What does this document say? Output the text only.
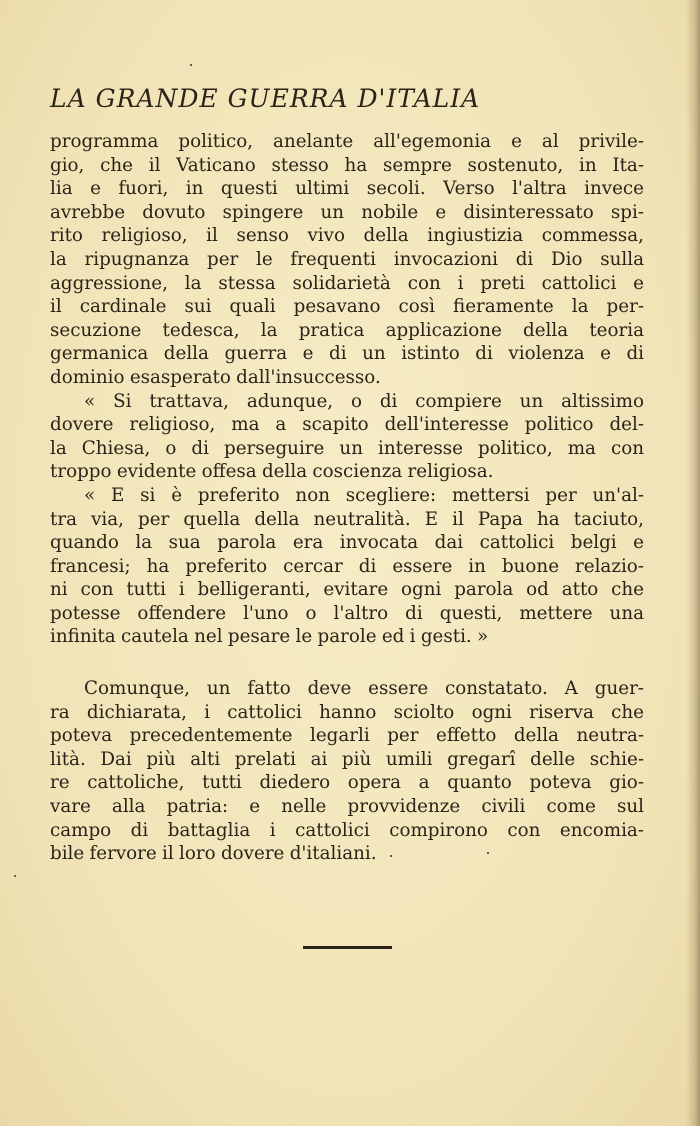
LA GRANDE GUERRA D'ITALIA
programma politico, anelante all'egemonia e al privile-
gio, che il Vaticano stesso ha sempre sostenuto, in Ita-
lia e fuori, in questi ultimi secoli. Verso l'altra invece
avrebbe dovuto spingere un nobile e disinteressato spi-
rito religioso, il senso vivo della ingiustizia commessa,
la ripugnanza per le frequenti invocazioni di Dio sulla
aggressione, la stessa solidarietà con i preti cattolici e
il cardinale sui quali pesavano così fieramente la per-
secuzione tedesca, la pratica applicazione della teoria
germanica della guerra e di un istinto di violenza e di
dominio esasperato dall'insuccesso.
« Si trattava, adunque, o di compiere un altissimo
dovere religioso, ma a scapito dell'interesse politico del-
la Chiesa, o di perseguire un interesse politico, ma con
troppo evidente offesa della coscienza religiosa.
« E si è preferito non scegliere: mettersi per un'al-
tra via, per quella della neutralità. E il Papa ha taciuto,
quando la sua parola era invocata dai cattolici belgi e
francesi; ha preferito cercar di essere in buone relazio-
ni con tutti i belligeranti, evitare ogni parola od atto che
potesse offendere l'uno o l'altro di questi, mettere una
infinita cautela nel pesare le parole ed i gesti. »
Comunque, un fatto deve essere constatato. A guer-
ra dichiarata, i cattolici hanno sciolto ogni riserva che
poteva precedentemente legarli per effetto della neutra-
lità. Dai più alti prelati ai più umili gregarî delle schie-
re cattoliche, tutti diedero opera a quanto poteva gio-
vare alla patria: e nelle provvidenze civili come sul
campo di battaglia i cattolici compirono con encomia-
bile fervore il loro dovere d'italiani.
